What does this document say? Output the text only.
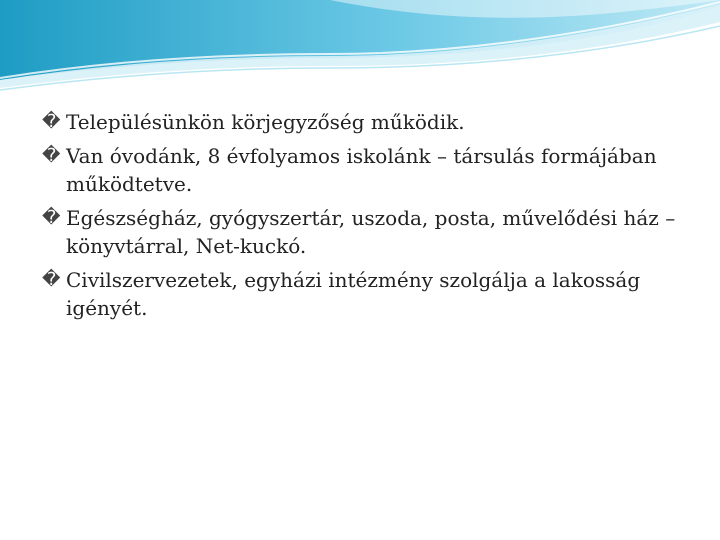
� Településünkön körjegyzőség működik.
� Van óvodánk, 8 évfolyamos iskolánk – társulás formájában működtetve.
� Egészségház, gyógyszertár, uszoda, posta, művelődési ház – könyvtárral, Net-kuckó.
� Civilszervezetek, egyházi intézmény szolgálja a lakosság igényét.
